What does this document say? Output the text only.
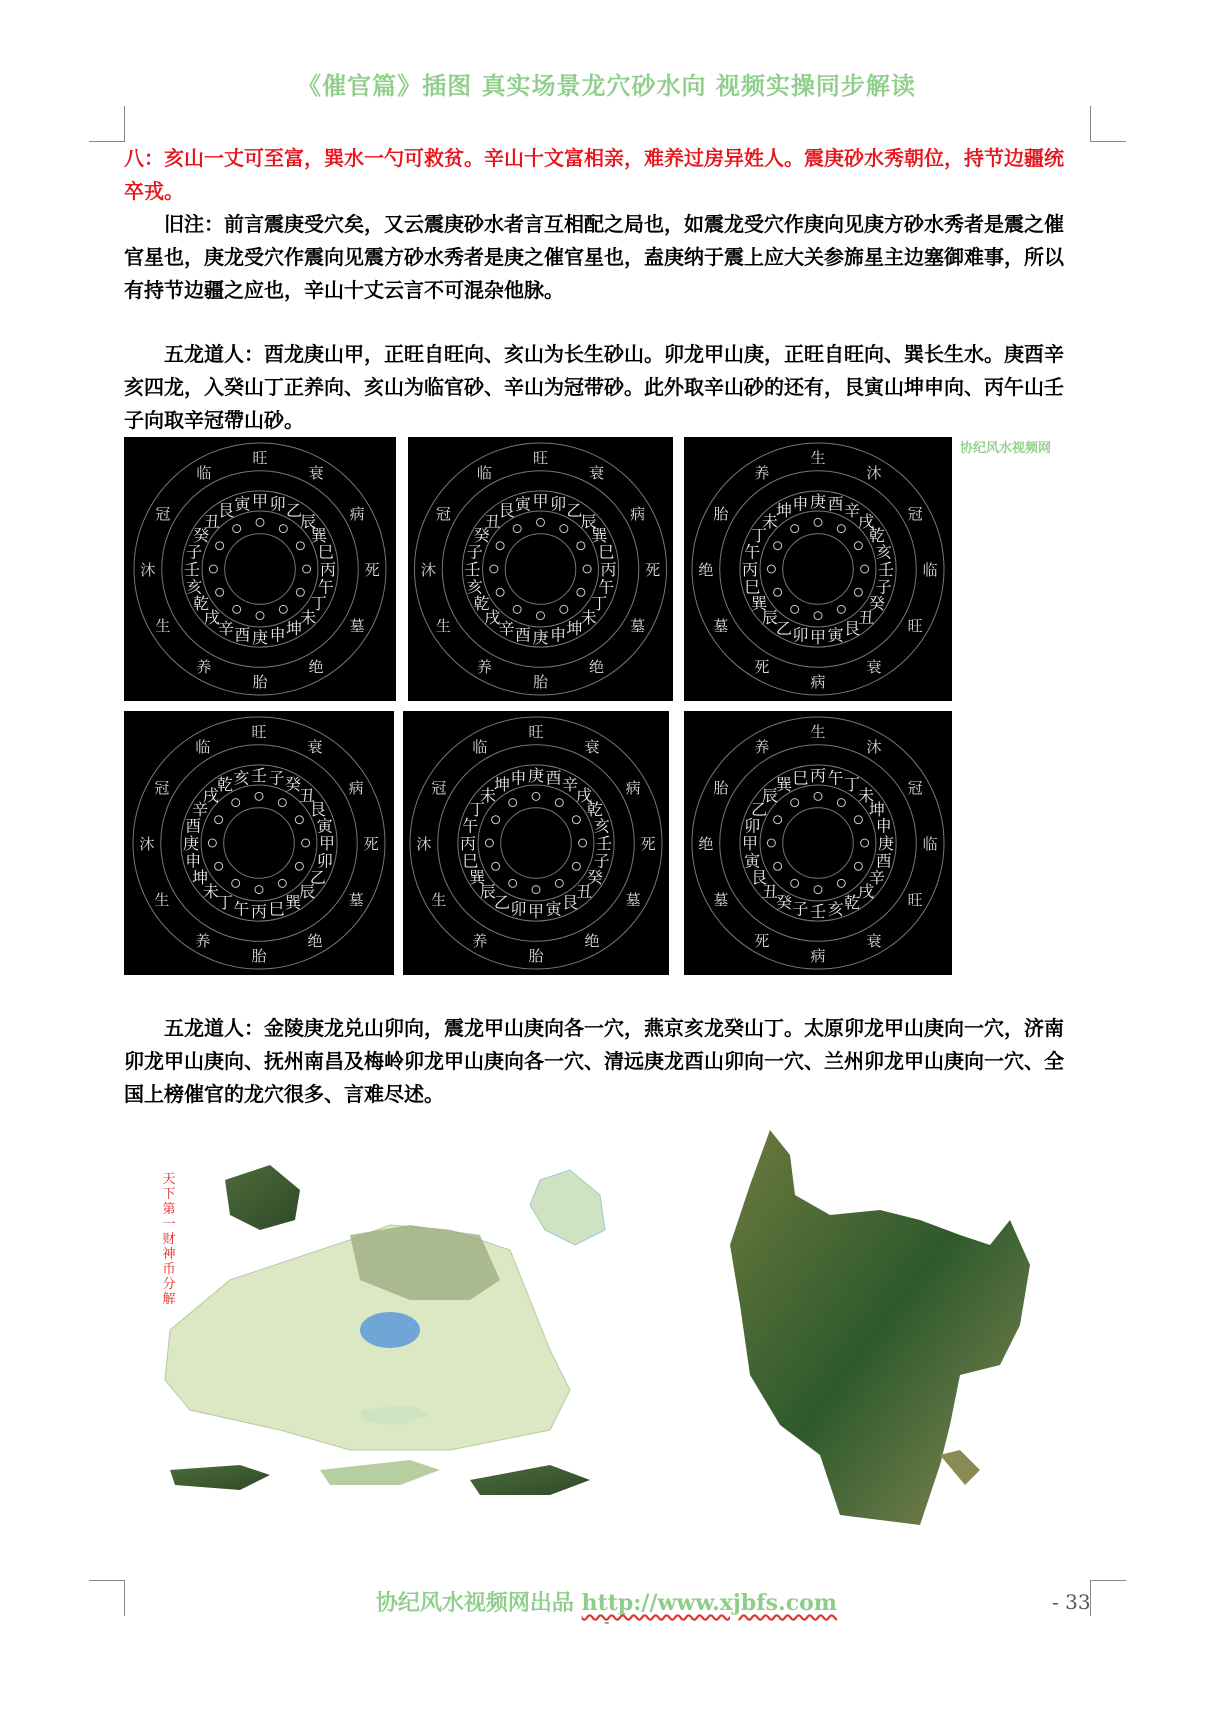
《催官篇》插图 真实场景龙穴砂水向 视频实操同步解读

八：亥山一丈可至富，巽水一勺可救贫。辛山十文富相亲，难养过房异姓人。震庚砂水秀朝位，持节边疆统卒戎。

旧注：前言震庚受穴矣，又云震庚砂水者言互相配之局也，如震龙受穴作庚向见庚方砂水秀者是震之催官星也，庚龙受穴作震向见震方砂水秀者是庚之催官星也，盍庚纳于震上应大关参旆星主边塞御难事，所以有持节边疆之应也，辛山十丈云言不可混杂他脉。

五龙道人：酉龙庚山甲，正旺自旺向、亥山为长生砂山。卯龙甲山庚，正旺自旺向、巽长生水。庚酉辛亥四龙，入癸山丁正养向、亥山为临官砂、辛山为冠带砂。此外取辛山砂的还有，艮寅山坤申向、丙午山壬子向取辛冠帶山砂。

协纪风水视频网
旺
衰
病
死
墓
绝
胎
养
生
沐
冠
临
庚
酉
辛
戌
乾
亥
壬
子
癸
丑
艮 寅 甲 卯 乙
辰
巽
巳
丙
午
丁
未
坤
申
旺
衰
病
死
墓
绝
胎
养
生
沐
冠
临
庚
酉
辛
戌
乾
亥
壬
子
癸
丑
艮 寅 甲 卯 乙
辰
巽
巳
丙
午
丁
未
坤
申
生
沐
冠
临
旺
衰
病
死
墓
绝
胎
养
甲
卯
乙
辰
巽
巳
丙
午
丁
未
坤 申 庚 酉 辛
戌
乾
亥
壬
子
癸
丑
艮
寅
旺
衰
病
死
墓
绝
胎
养
生
沐
冠
临
丙
午
丁
未
坤
申
庚
酉
辛
戌
乾 亥 壬 子 癸
丑
艮
寅
甲
卯
乙
辰
巽
巳
旺
衰
病
死
墓
绝
胎
养
生
沐
冠
临
甲
卯
乙
辰
巽
巳
丙
午
丁
未
坤 申 庚 酉 辛
戌
乾
亥
壬
子
癸
丑
艮
寅
生
沐
冠
临
旺
衰
病
死
墓
绝
胎
养
壬
子
癸
丑
艮
寅
甲
卯
乙
辰
巽 巳 丙 午 丁
未
坤
申
庚
酉
辛
戌
乾
亥

五龙道人：金陵庚龙兑山卯向，震龙甲山庚向各一穴，燕京亥龙癸山丁。太原卯龙甲山庚向一穴，济南卯龙甲山庚向、抚州南昌及梅岭卯龙甲山庚向各一穴、清远庚龙酉山卯向一穴、兰州卯龙甲山庚向一穴、全国上榜催官的龙穴很多、言难尽述。

天下第一财神币分解
协纪风水视频网出品 http://www.xjbfs.com	- 33
-
